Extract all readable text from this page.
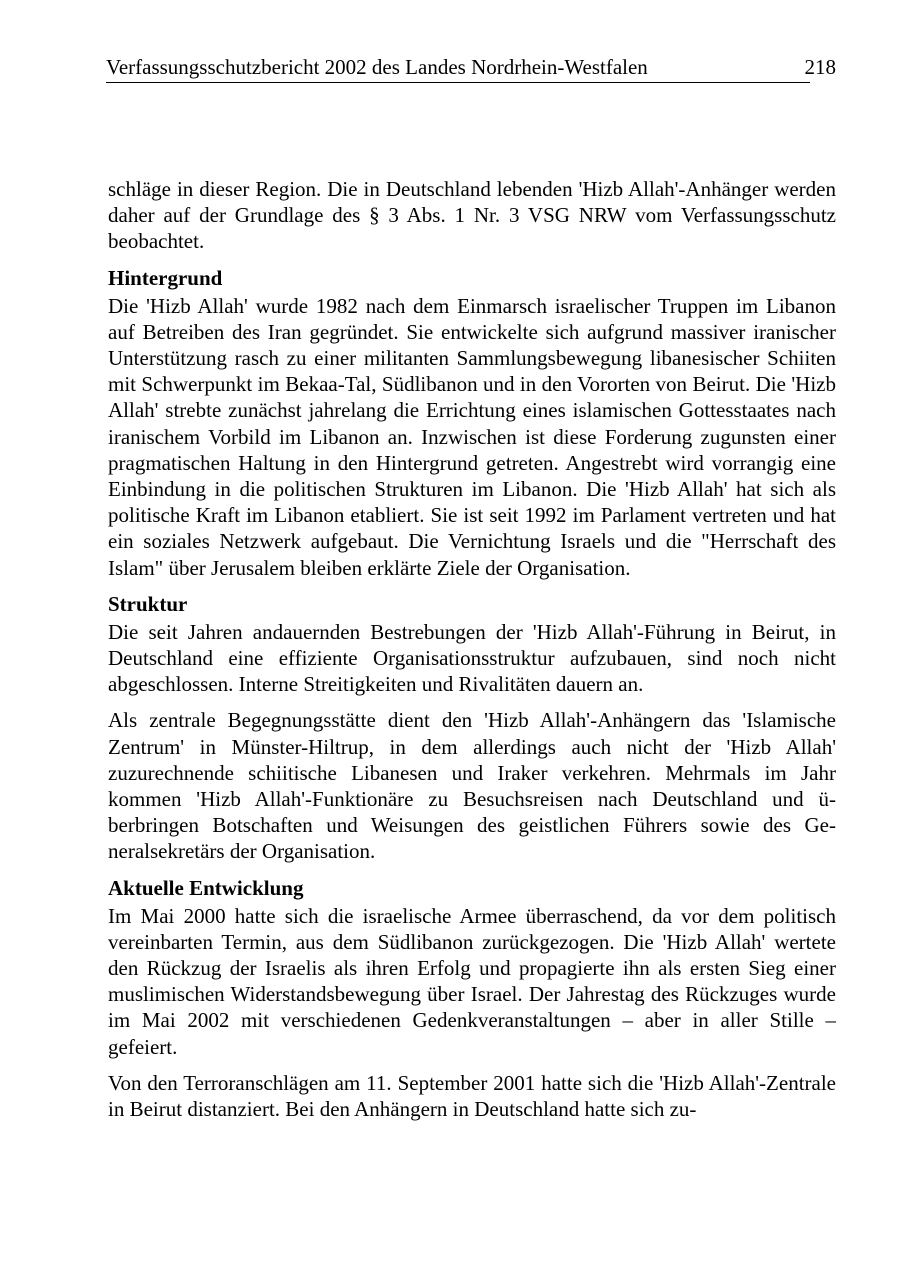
Verfassungsschutzbericht 2002 des Landes Nordrhein-Westfalen	218

schläge in dieser Region. Die in Deutschland lebenden 'Hizb Allah'-Anhänger werden daher auf der Grundlage des § 3 Abs. 1 Nr. 3 VSG NRW vom Verfassungsschutz beobachtet.

Hintergrund

Die 'Hizb Allah' wurde 1982 nach dem Einmarsch israelischer Truppen im Libanon auf Betreiben des Iran gegründet. Sie entwickelte sich aufgrund massiver iranischer Unterstützung rasch zu einer militanten Sammlungsbewegung libanesischer Schiiten mit Schwerpunkt im Bekaa-Tal, Südlibanon und in den Vororten von Beirut. Die 'Hizb Allah' strebte zunächst jahrelang die Errichtung eines islamischen Gottesstaates nach iranischem Vorbild im Libanon an. Inzwischen ist diese Forderung zugunsten einer pragmatischen Haltung in den Hintergrund getreten. Angestrebt wird vorrangig eine Einbindung in die politischen Strukturen im Libanon. Die 'Hizb Allah' hat sich als politische Kraft im Libanon etabliert. Sie ist seit 1992 im Parlament vertreten und hat ein soziales Netzwerk aufgebaut. Die Vernichtung Israels und die "Herrschaft des Islam" über Jerusalem bleiben erklärte Ziele der Organisation.

Struktur

Die seit Jahren andauernden Bestrebungen der 'Hizb Allah'-Führung in Beirut, in Deutschland eine effiziente Organisationsstruktur aufzubauen, sind noch nicht abgeschlossen. Interne Streitigkeiten und Rivalitäten dauern an.

Als zentrale Begegnungsstätte dient den 'Hizb Allah'-Anhängern das 'Islamische Zentrum' in Münster-Hiltrup, in dem allerdings auch nicht der 'Hizb Allah' zuzurechnende schiitische Libanesen und Iraker verkehren. Mehrmals im Jahr kommen 'Hizb Allah'-Funktionäre zu Besuchsreisen nach Deutschland und überbringen Botschaften und Weisungen des geistlichen Führers sowie des Generalsekretärs der Organisation.

Aktuelle Entwicklung

Im Mai 2000 hatte sich die israelische Armee überraschend, da vor dem politisch vereinbarten Termin, aus dem Südlibanon zurückgezogen. Die 'Hizb Allah' wertete den Rückzug der Israelis als ihren Erfolg und propagierte ihn als ersten Sieg einer muslimischen Widerstandsbewegung über Israel. Der Jahrestag des Rückzuges wurde im Mai 2002 mit verschiedenen Gedenkveranstaltungen – aber in aller Stille – gefeiert.

Von den Terroranschlägen am 11. September 2001 hatte sich die 'Hizb Allah'-Zentrale in Beirut distanziert. Bei den Anhängern in Deutschland hatte sich zu-
